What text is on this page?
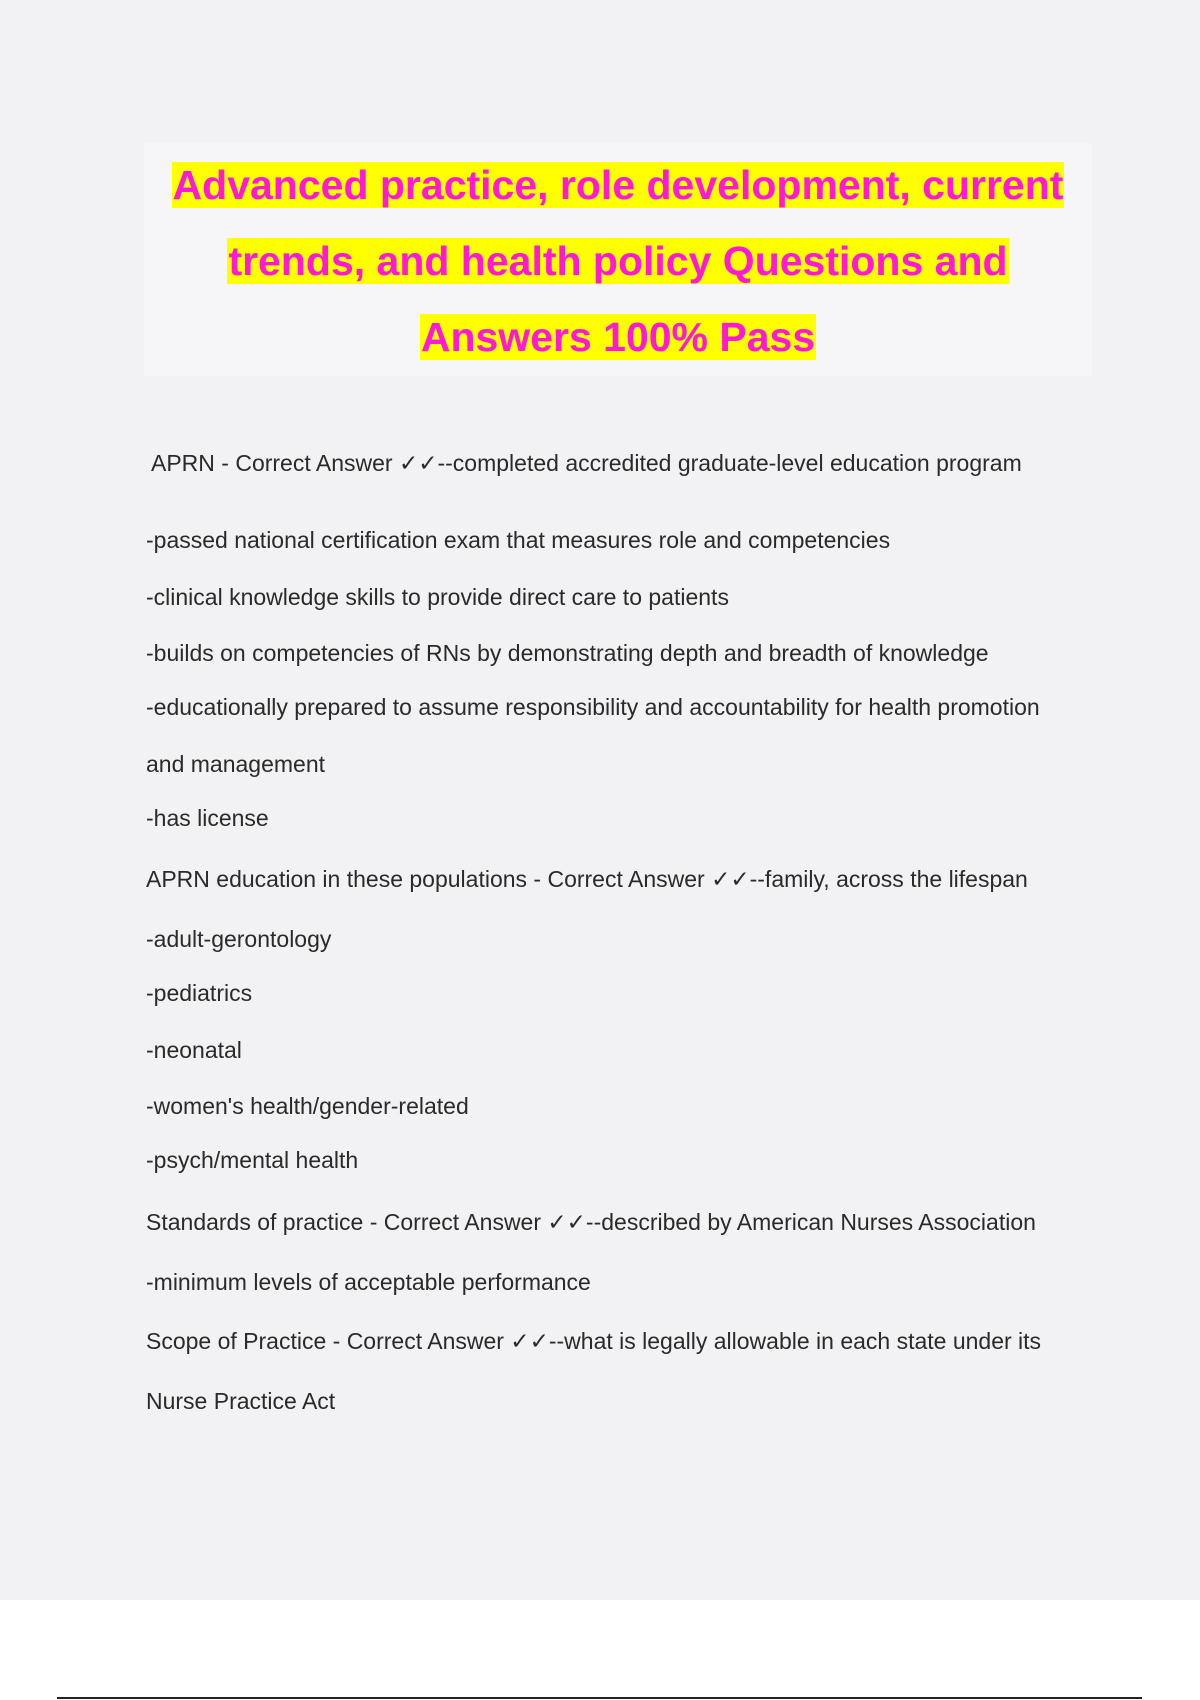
Advanced practice, role development, current
trends, and health policy Questions and
Answers 100% Pass
APRN - Correct Answer ✓✓--completed accredited graduate-level education program
-passed national certification exam that measures role and competencies
-clinical knowledge skills to provide direct care to patients
-builds on competencies of RNs by demonstrating depth and breadth of knowledge
-educationally prepared to assume responsibility and accountability for health promotion
and management
-has license
APRN education in these populations - Correct Answer ✓✓--family, across the lifespan
-adult-gerontology
-pediatrics
-neonatal
-women's health/gender-related
-psych/mental health
Standards of practice - Correct Answer ✓✓--described by American Nurses Association
-minimum levels of acceptable performance
Scope of Practice - Correct Answer ✓✓--what is legally allowable in each state under its
Nurse Practice Act
